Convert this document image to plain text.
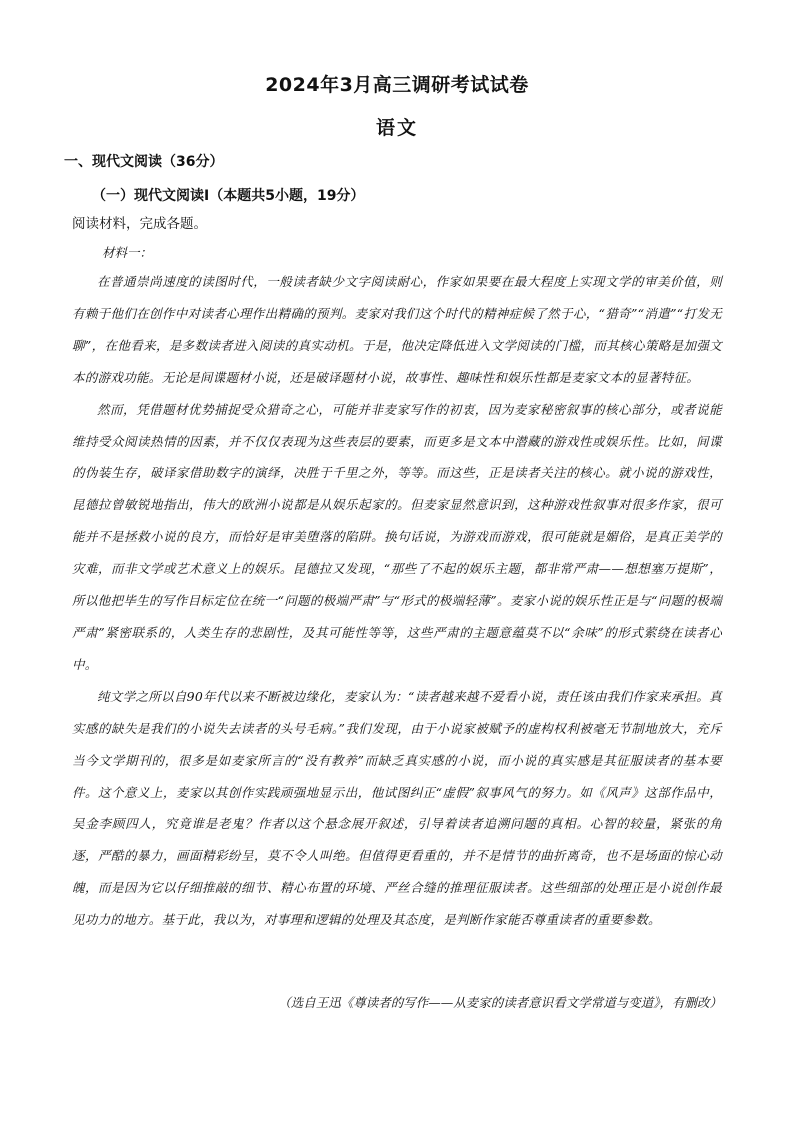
2024年3月高三调研考试试卷
语文
一、现代文阅读（36分）
（一）现代文阅读Ⅰ（本题共5小题，19分）
阅读材料，完成各题。
材料一：

在普通崇尚速度的读图时代，一般读者缺少文字阅读耐心，作家如果要在最大程度上实现文学的审美价值，则有赖于他们在创作中对读者心理作出精确的预判。麦家对我们这个时代的精神症候了然于心，“猎奇”“消遣”“打发无聊”，在他看来，是多数读者进入阅读的真实动机。于是，他决定降低进入文学阅读的门槛，而其核心策略是加强文本的游戏功能。无论是间谍题材小说，还是破译题材小说，故事性、趣味性和娱乐性都是麦家文本的显著特征。

然而，凭借题材优势捕捉受众猎奇之心，可能并非麦家写作的初衷，因为麦家秘密叙事的核心部分，或者说能维持受众阅读热情的因素，并不仅仅表现为这些表层的要素，而更多是文本中潜藏的游戏性或娱乐性。比如，间谍的伪装生存，破译家借助数字的演绎，决胜于千里之外，等等。而这些，正是读者关注的核心。就小说的游戏性，昆德拉曾敏锐地指出，伟大的欧洲小说都是从娱乐起家的。但麦家显然意识到，这种游戏性叙事对很多作家，很可能并不是拯救小说的良方，而恰好是审美堕落的陷阱。换句话说，为游戏而游戏，很可能就是媚俗，是真正美学的灾难，而非文学或艺术意义上的娱乐。昆德拉又发现，“那些了不起的娱乐主题，都非常严肃——想想塞万提斯”，所以他把毕生的写作目标定位在统一“问题的极端严肃”与“形式的极端轻薄”。麦家小说的娱乐性正是与“问题的极端严肃”紧密联系的，人类生存的悲剧性，及其可能性等等，这些严肃的主题意蕴莫不以“余味”的形式萦绕在读者心中。

纯文学之所以自90年代以来不断被边缘化，麦家认为：“读者越来越不爱看小说，责任该由我们作家来承担。真实感的缺失是我们的小说失去读者的头号毛病。”我们发现，由于小说家被赋予的虚构权利被毫无节制地放大，充斥当今文学期刊的，很多是如麦家所言的“没有教养”而缺乏真实感的小说，而小说的真实感是其征服读者的基本要件。这个意义上，麦家以其创作实践顽强地显示出，他试图纠正“虚假”叙事风气的努力。如《风声》这部作品中，吴金李顾四人，究竟谁是老鬼？作者以这个悬念展开叙述，引导着读者追溯问题的真相。心智的较量，紧张的角逐，严酷的暴力，画面精彩纷呈，莫不令人叫绝。但值得更看重的，并不是情节的曲折离奇，也不是场面的惊心动魄，而是因为它以仔细推敲的细节、精心布置的环境、严丝合缝的推理征服读者。这些细部的处理正是小说创作最见功力的地方。基于此，我以为，对事理和逻辑的处理及其态度，是判断作家能否尊重读者的重要参数。

（选自王迅《尊读者的写作——从麦家的读者意识看文学常道与变道》，有删改）
